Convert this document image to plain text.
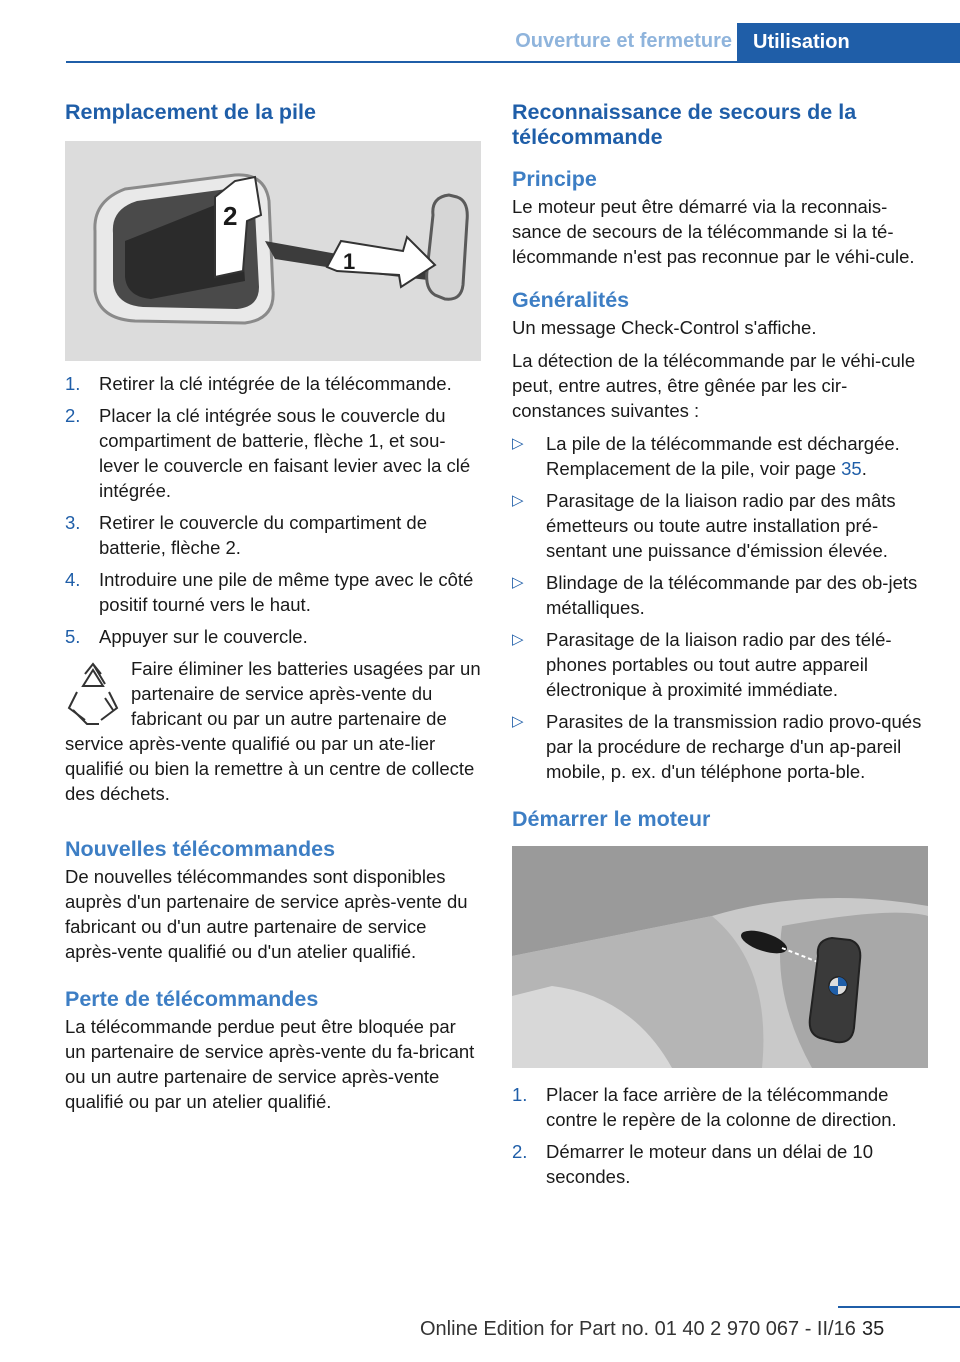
Ouverture et fermeture	Utilisation
Remplacement de la pile
2
1
1. Retirer la clé intégrée de la télécommande.
2. Placer la clé intégrée sous le couvercle du compartiment de batterie, flèche 1, et sou-lever le couvercle en faisant levier avec la clé intégrée.
3. Retirer le couvercle du compartiment de batterie, flèche 2.
4. Introduire une pile de même type avec le côté positif tourné vers le haut.
5. Appuyer sur le couvercle.
Faire éliminer les batteries usagées par un partenaire de service après-vente du fabricant ou par un autre partenaire de service après-vente qualifié ou par un ate-lier qualifié ou bien la remettre à un centre de collecte des déchets.
Nouvelles télécommandes

De nouvelles télécommandes sont disponibles auprès d'un partenaire de service après-vente du fabricant ou d'un autre partenaire de service après-vente qualifié ou d'un atelier qualifié.

Perte de télécommandes

La télécommande perdue peut être bloquée par un partenaire de service après-vente du fa-bricant ou un autre partenaire de service après-vente qualifié ou par un atelier qualifié.

Reconnaissance de secours de la télécommande
Principe

Le moteur peut être démarré via la reconnais-sance de secours de la télécommande si la té-lécommande n'est pas reconnue par le véhi-cule.

Généralités

Un message Check-Control s'affiche.

La détection de la télécommande par le véhi-cule peut, entre autres, être gênée par les cir-constances suivantes :

▷ La pile de la télécommande est déchargée. Remplacement de la pile, voir page 35.
▷ Parasitage de la liaison radio par des mâts émetteurs ou toute autre installation pré-sentant une puissance d'émission élevée.
▷ Blindage de la télécommande par des ob-jets métalliques.
▷ Parasitage de la liaison radio par des télé-phones portables ou tout autre appareil électronique à proximité immédiate.
▷ Parasites de la transmission radio provo-qués par la procédure de recharge d'un ap-pareil mobile, p. ex. d'un téléphone porta-ble.
Démarrer le moteur
1. Placer la face arrière de la télécommande contre le repère de la colonne de direction.
2. Démarrer le moteur dans un délai de 10 secondes.
35
Online Edition for Part no. 01 40 2 970 067 - II/16
